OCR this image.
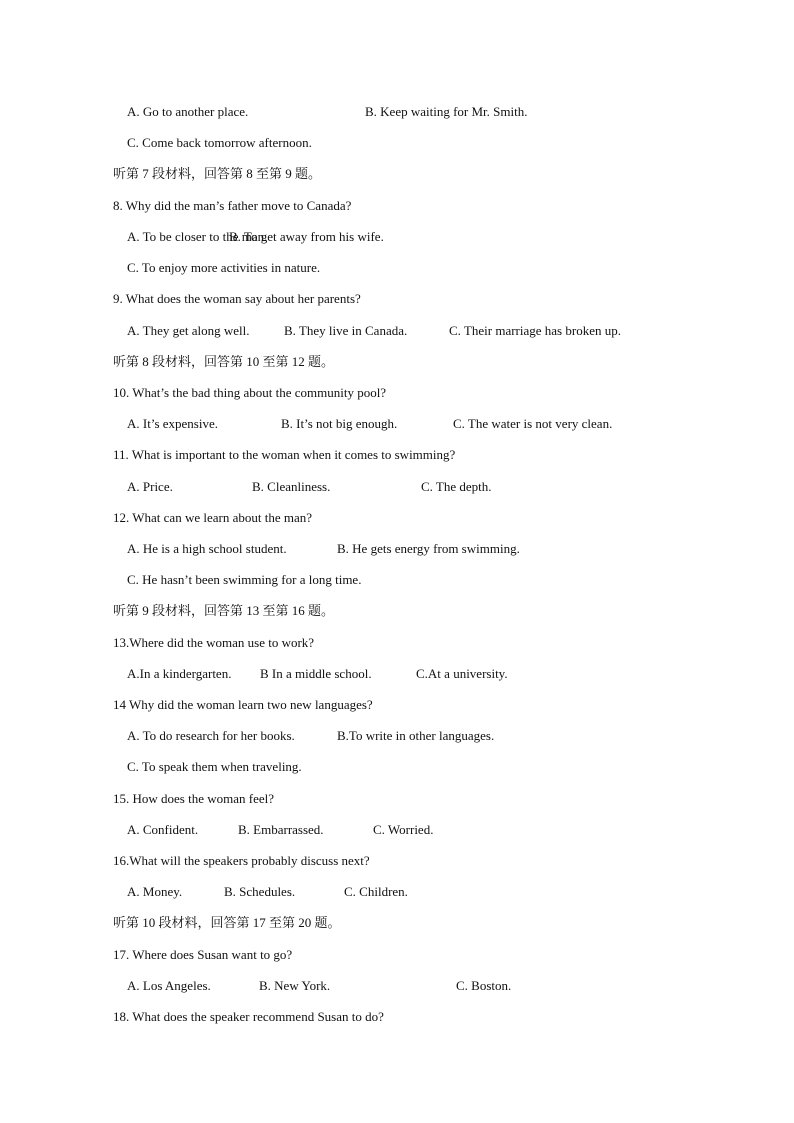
A. Go to another place.	B. Keep waiting for Mr. Smith.
C. Come back tomorrow afternoon.
听第 7 段材料，回答第 8 至第 9 题。
8. Why did the man’s father move to Canada?
A. To be closer to the man.
B. To get away from his wife.
C. To enjoy more activities in nature.
9. What does the woman say about her parents?
A. They get along well.	B. They live in Canada.	C. Their marriage has broken up.
听第 8 段材料，回答第 10 至第 12 题。
10. What’s the bad thing about the community pool?
A. It’s expensive.	B. It’s not big enough.	C. The water is not very clean.
11. What is important to the woman when it comes to swimming?
A. Price.	B. Cleanliness.	C. The depth.
12. What can we learn about the man?
A. He is a high school student.	B. He gets energy from swimming.
C. He hasn’t been swimming for a long time.
听第 9 段材料，回答第 13 至第 16 题。
13.Where did the woman use to work?
A.In a kindergarten. B In a middle school.	C.At a university.
14 Why did the woman learn two new languages?
A. To do research for her books.	B.To write in other languages.
C. To speak them when traveling.
15. How does the woman feel?
A. Confident.	B. Embarrassed.	C. Worried.
16.What will the speakers probably discuss next?
A. Money.	B. Schedules.	C. Children.
听第 10 段材料，回答第 17 至第 20 题。
17. Where does Susan want to go?
A. Los Angeles.	B. New York.	C. Boston.
18. What does the speaker recommend Susan to do?
